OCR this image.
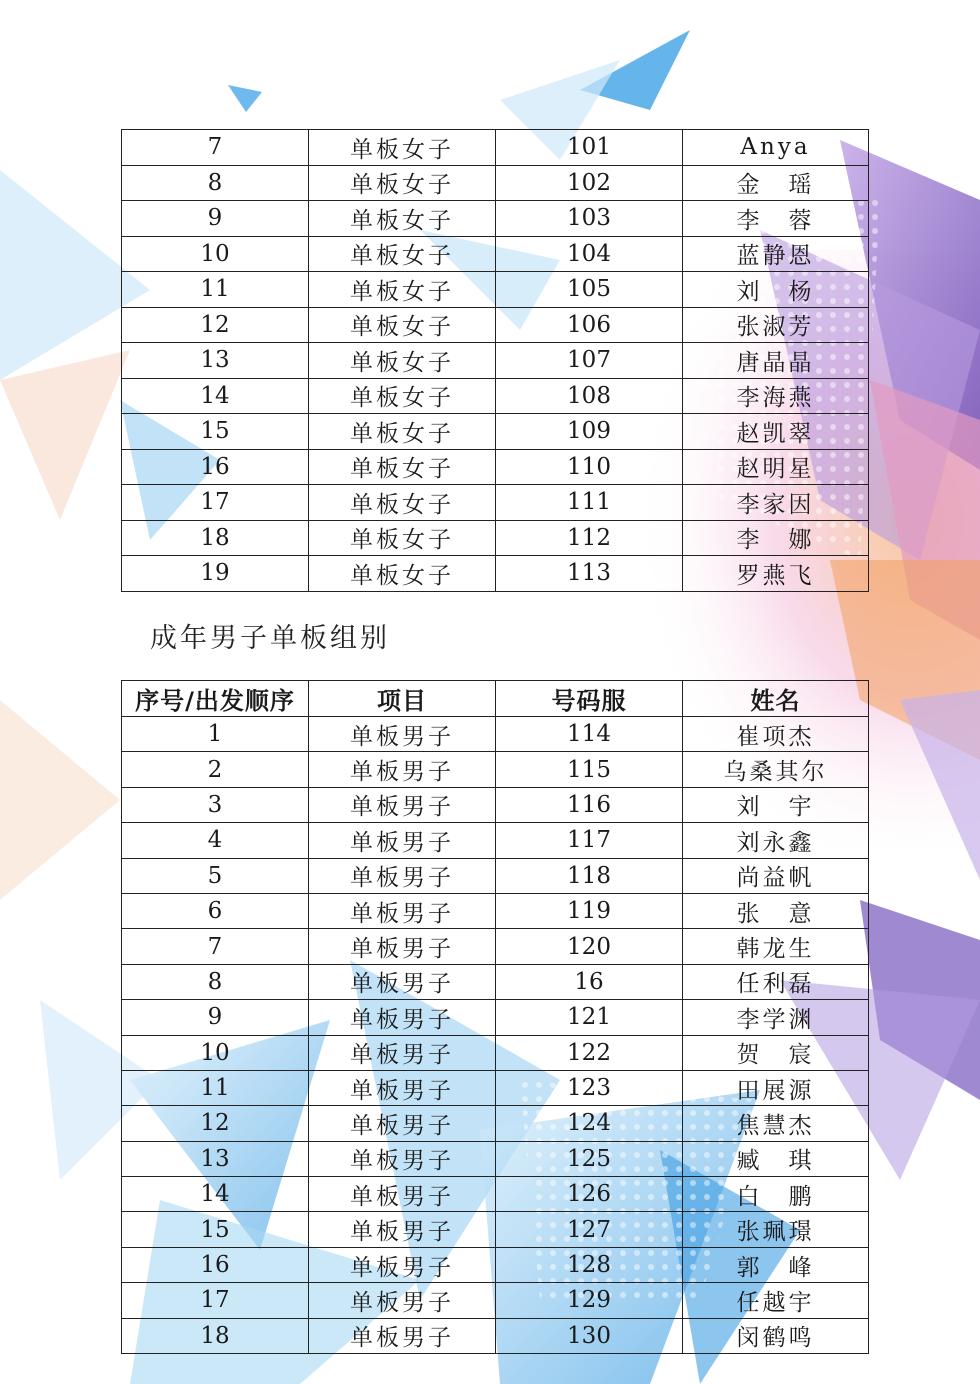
7	单板女子	101	Anya
8	单板女子	102	金　瑶
9	单板女子	103	李　蓉
10	单板女子	104	蓝静恩
11	单板女子	105	刘　杨
12	单板女子	106	张淑芳
13	单板女子	107	唐晶晶
14	单板女子	108	李海燕
15	单板女子	109	赵凯翠
16	单板女子	110	赵明星
17	单板女子	111	李家因
18	单板女子	112	李　娜
19	单板女子	113	罗燕飞
成年男子单板组别
序号/出发顺序	项目	号码服	姓名
1	单板男子	114	崔项杰
2	单板男子	115	乌桑其尔
3	单板男子	116	刘　宇
4	单板男子	117	刘永鑫
5	单板男子	118	尚益帆
6	单板男子	119	张　意
7	单板男子	120	韩龙生
8	单板男子	16	任利磊
9	单板男子	121	李学渊
10	单板男子	122	贺　宸
11	单板男子	123	田展源
12	单板男子	124	焦慧杰
13	单板男子	125	臧　琪
14	单板男子	126	白　鹏
15	单板男子	127	张珮璟
16	单板男子	128	郭　峰
17	单板男子	129	任越宇
18	单板男子	130	闵鹤鸣
